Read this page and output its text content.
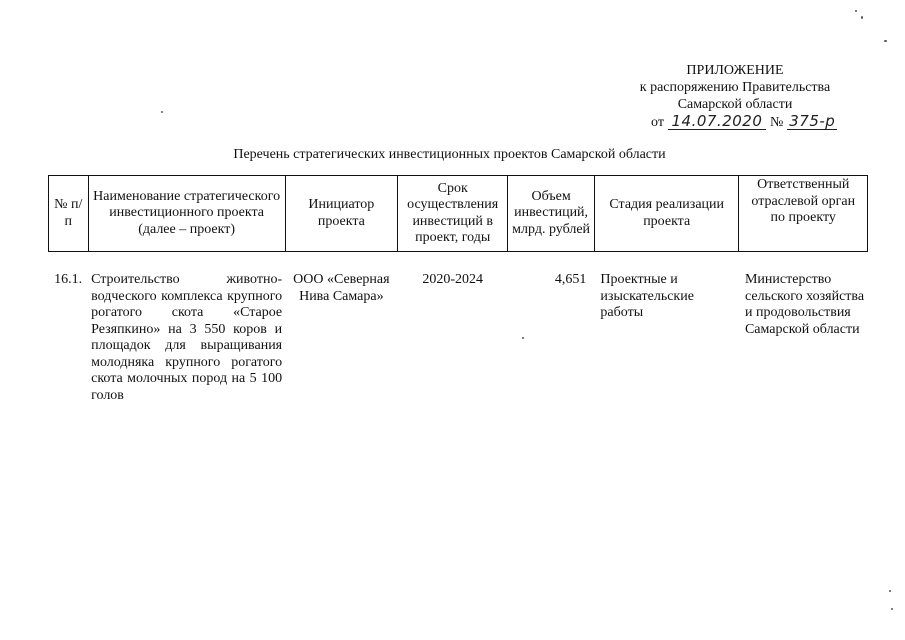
ПРИЛОЖЕНИЕ
к распоряжению Правительства
Самарской области
от 14.07.2020 № 375-р
Перечень стратегических инвестиционных проектов Самарской области
№ п/п	Наименование стратегического инвестиционного проекта (далее – проект)	Инициатор проекта	Срок осуществления инвестиций в проект, годы	Объем инвестиций, млрд. рублей	Стадия реализации проекта	Ответственный отраслевой орган по проекту

16.1.	Строительство животно-водческого комплекса крупного рогатого скота «Старое Резяпкино» на 3 550 коров и площадок для выращивания молодняка крупного рогатого скота молочных пород на 5 100 голов	ООО «Северная Нива Самара»	2020-2024	4,651	Проектные и изыскательские работы	Министерство сельского хозяйства и продовольствия Самарской области
